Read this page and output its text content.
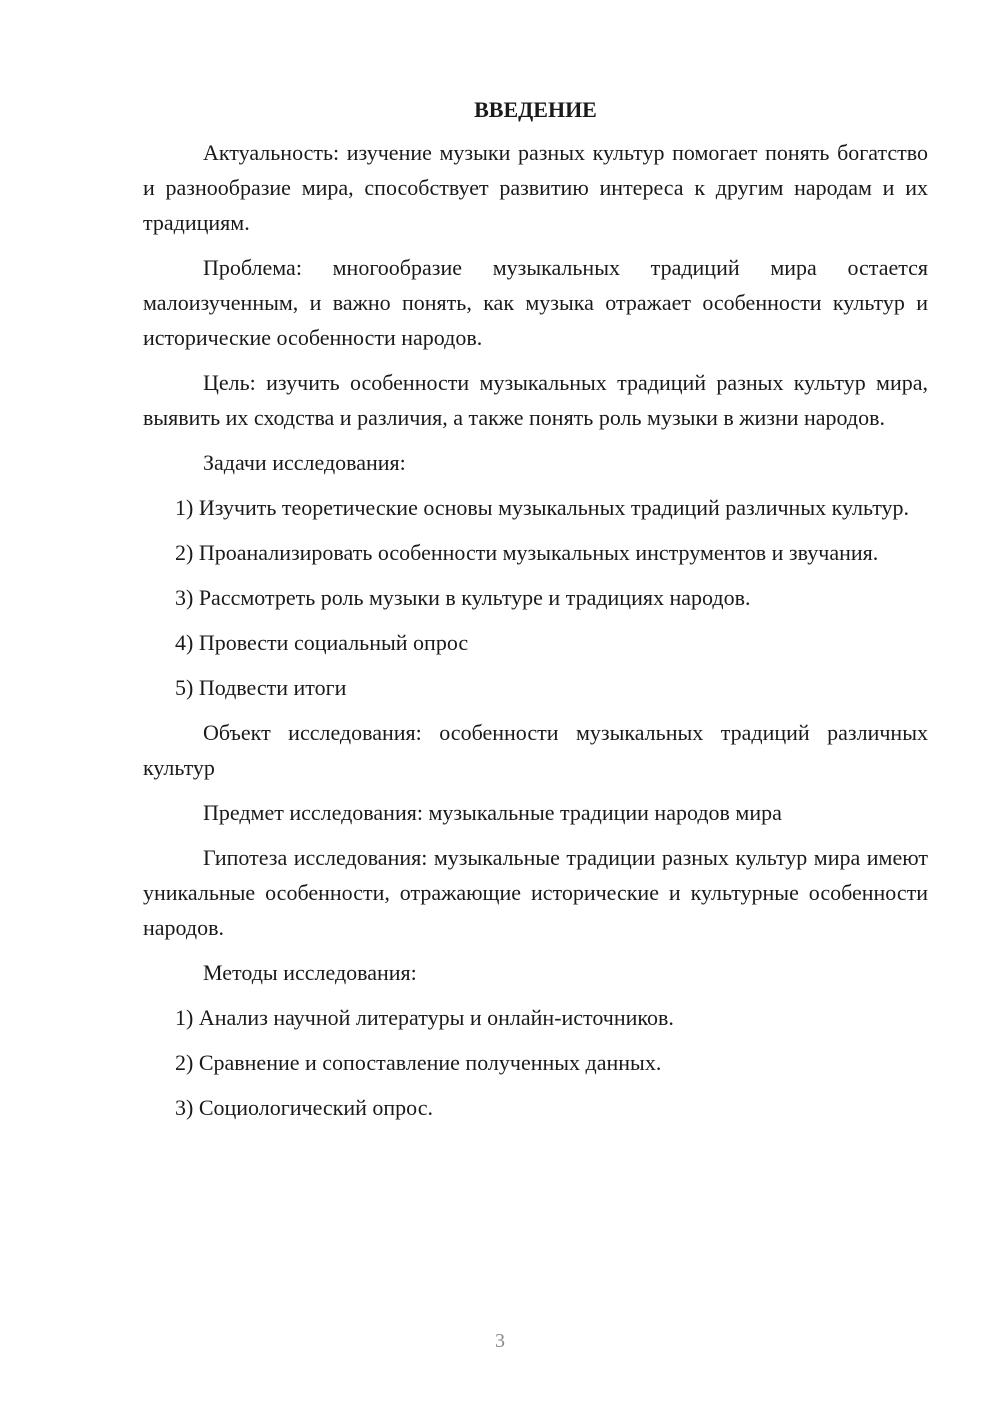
ВВЕДЕНИЕ

Актуальность: изучение музыки разных культур помогает понять богатство и разнообразие мира, способствует развитию интереса к другим народам и их традициям.

Проблема: многообразие музыкальных традиций мира остается малоизученным, и важно понять, как музыка отражает особенности культур и исторические особенности народов.

Цель: изучить особенности музыкальных традиций разных культур мира, выявить их сходства и различия, а также понять роль музыки в жизни народов.

Задачи исследования:

1) Изучить теоретические основы музыкальных традиций различных культур.

2) Проанализировать особенности музыкальных инструментов и звучания.

3) Рассмотреть роль музыки в культуре и традициях народов.

4) Провести социальный опрос

5) Подвести итоги

Объект исследования: особенности музыкальных традиций различных культур

Предмет исследования: музыкальные традиции народов мира

Гипотеза исследования: музыкальные традиции разных культур мира имеют уникальные особенности, отражающие исторические и культурные особенности народов.

Методы исследования:

1) Анализ научной литературы и онлайн-источников.

2) Сравнение и сопоставление полученных данных.

3) Социологический опрос.

3
